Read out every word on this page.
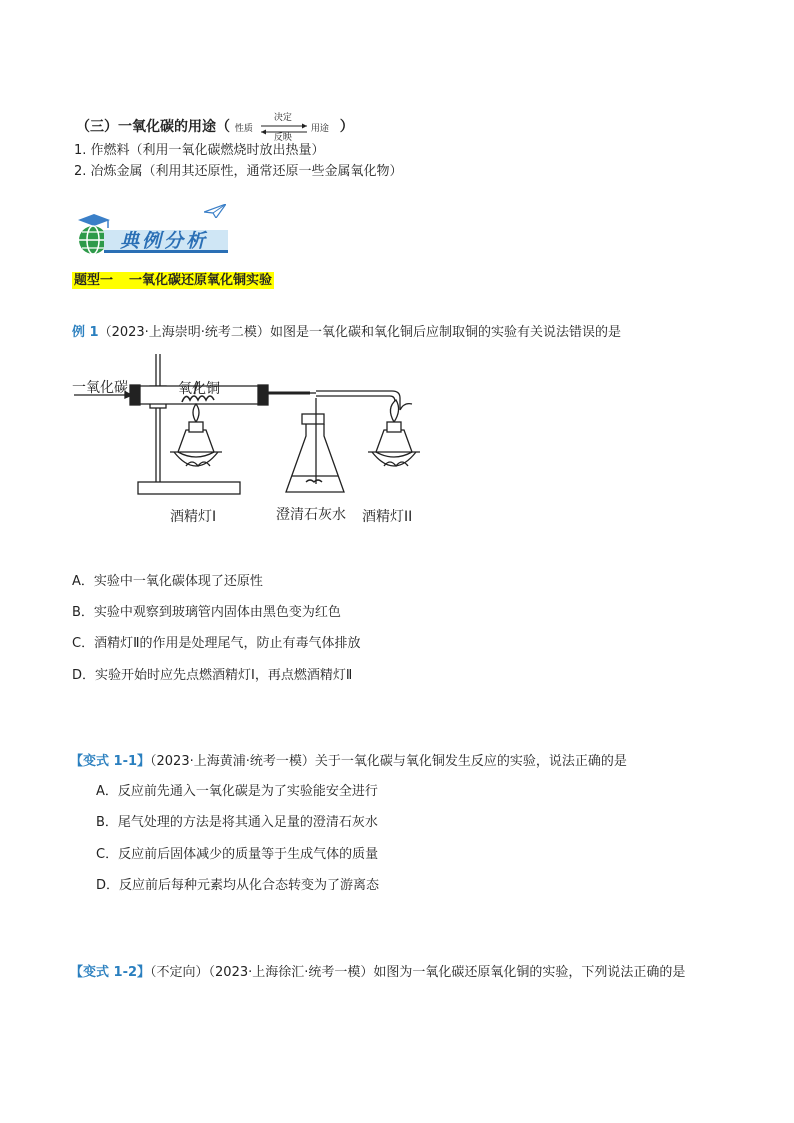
（三）一氧化碳的用途（ 性质
决定
反映
用途 ）
1. 作燃料（利用一氧化碳燃烧时放出热量）
2. 冶炼金属（利用其还原性，通常还原一些金属氧化物）
典例分析
题型一 一氧化碳还原氧化铜实验
例 1（2023·上海崇明·统考二模）如图是一氧化碳和氧化铜后应制取铜的实验有关说法错误的是
一氧化碳	氧化铜
酒精灯I	澄清石灰水 酒精灯II
A．实验中一氧化碳体现了还原性
B．实验中观察到玻璃管内固体由黑色变为红色
C．酒精灯Ⅱ的作用是处理尾气，防止有毒气体排放
D．实验开始时应先点燃酒精灯Ⅰ，再点燃酒精灯Ⅱ
【变式 1-1】（2023·上海黄浦·统考一模）关于一氧化碳与氧化铜发生反应的实验，说法正确的是
A．反应前先通入一氧化碳是为了实验能安全进行
B．尾气处理的方法是将其通入足量的澄清石灰水
C．反应前后固体减少的质量等于生成气体的质量
D．反应前后每种元素均从化合态转变为了游离态
【变式 1-2】（不定向）（2023·上海徐汇·统考一模）如图为一氧化碳还原氧化铜的实验，下列说法正确的是
